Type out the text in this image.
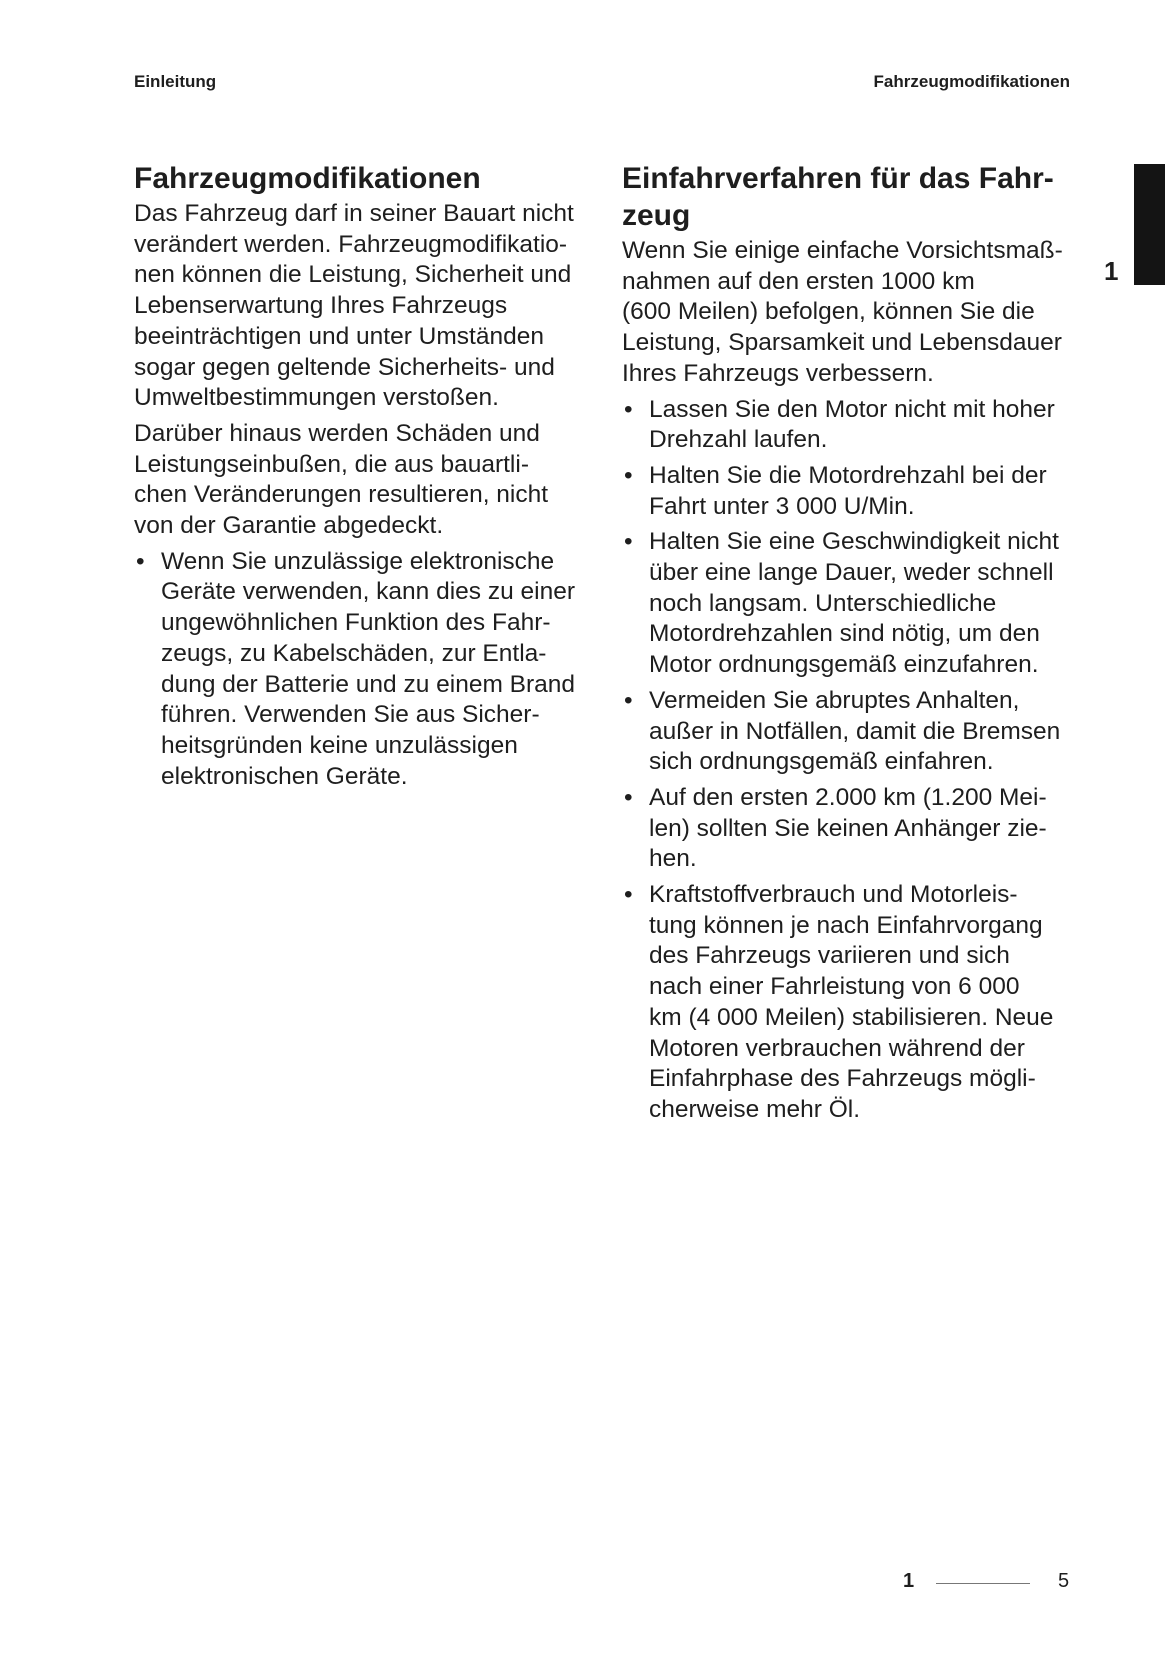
Einleitung	Fahrzeugmodifikationen
1
Fahrzeugmodifikationen

Das Fahrzeug darf in seiner Bauart nicht
verändert werden. Fahrzeugmodifikatio-
nen können die Leistung, Sicherheit und
Lebenserwartung Ihres Fahrzeugs
beeinträchtigen und unter Umständen
sogar gegen geltende Sicherheits- und
Umweltbestimmungen verstoßen.

Darüber hinaus werden Schäden und
Leistungseinbußen, die aus bauartli-
chen Veränderungen resultieren, nicht
von der Garantie abgedeckt.

• Wenn Sie unzulässige elektronische
Geräte verwenden, kann dies zu einer
ungewöhnlichen Funktion des Fahr-
zeugs, zu Kabelschäden, zur Entla-
dung der Batterie und zu einem Brand
führen. Verwenden Sie aus Sicher-
heitsgründen keine unzulässigen
elektronischen Geräte.
Einfahrverfahren für das Fahr-
zeug

Wenn Sie einige einfache Vorsichtsmaß-
nahmen auf den ersten 1000 km
(600 Meilen) befolgen, können Sie die
Leistung, Sparsamkeit und Lebensdauer
Ihres Fahrzeugs verbessern.

• Lassen Sie den Motor nicht mit hoher
Drehzahl laufen.
• Halten Sie die Motordrehzahl bei der
Fahrt unter 3 000 U/Min.
• Halten Sie eine Geschwindigkeit nicht
über eine lange Dauer, weder schnell
noch langsam. Unterschiedliche
Motordrehzahlen sind nötig, um den
Motor ordnungsgemäß einzufahren.
• Vermeiden Sie abruptes Anhalten,
außer in Notfällen, damit die Bremsen
sich ordnungsgemäß einfahren.
• Auf den ersten 2.000 km (1.200 Mei-
len) sollten Sie keinen Anhänger zie-
hen.
• Kraftstoffverbrauch und Motorleis-
tung können je nach Einfahrvorgang
des Fahrzeugs variieren und sich
nach einer Fahrleistung von 6 000
km (4 000 Meilen) stabilisieren. Neue
Motoren verbrauchen während der
Einfahrphase des Fahrzeugs mögli-
cherweise mehr Öl.
1	5
